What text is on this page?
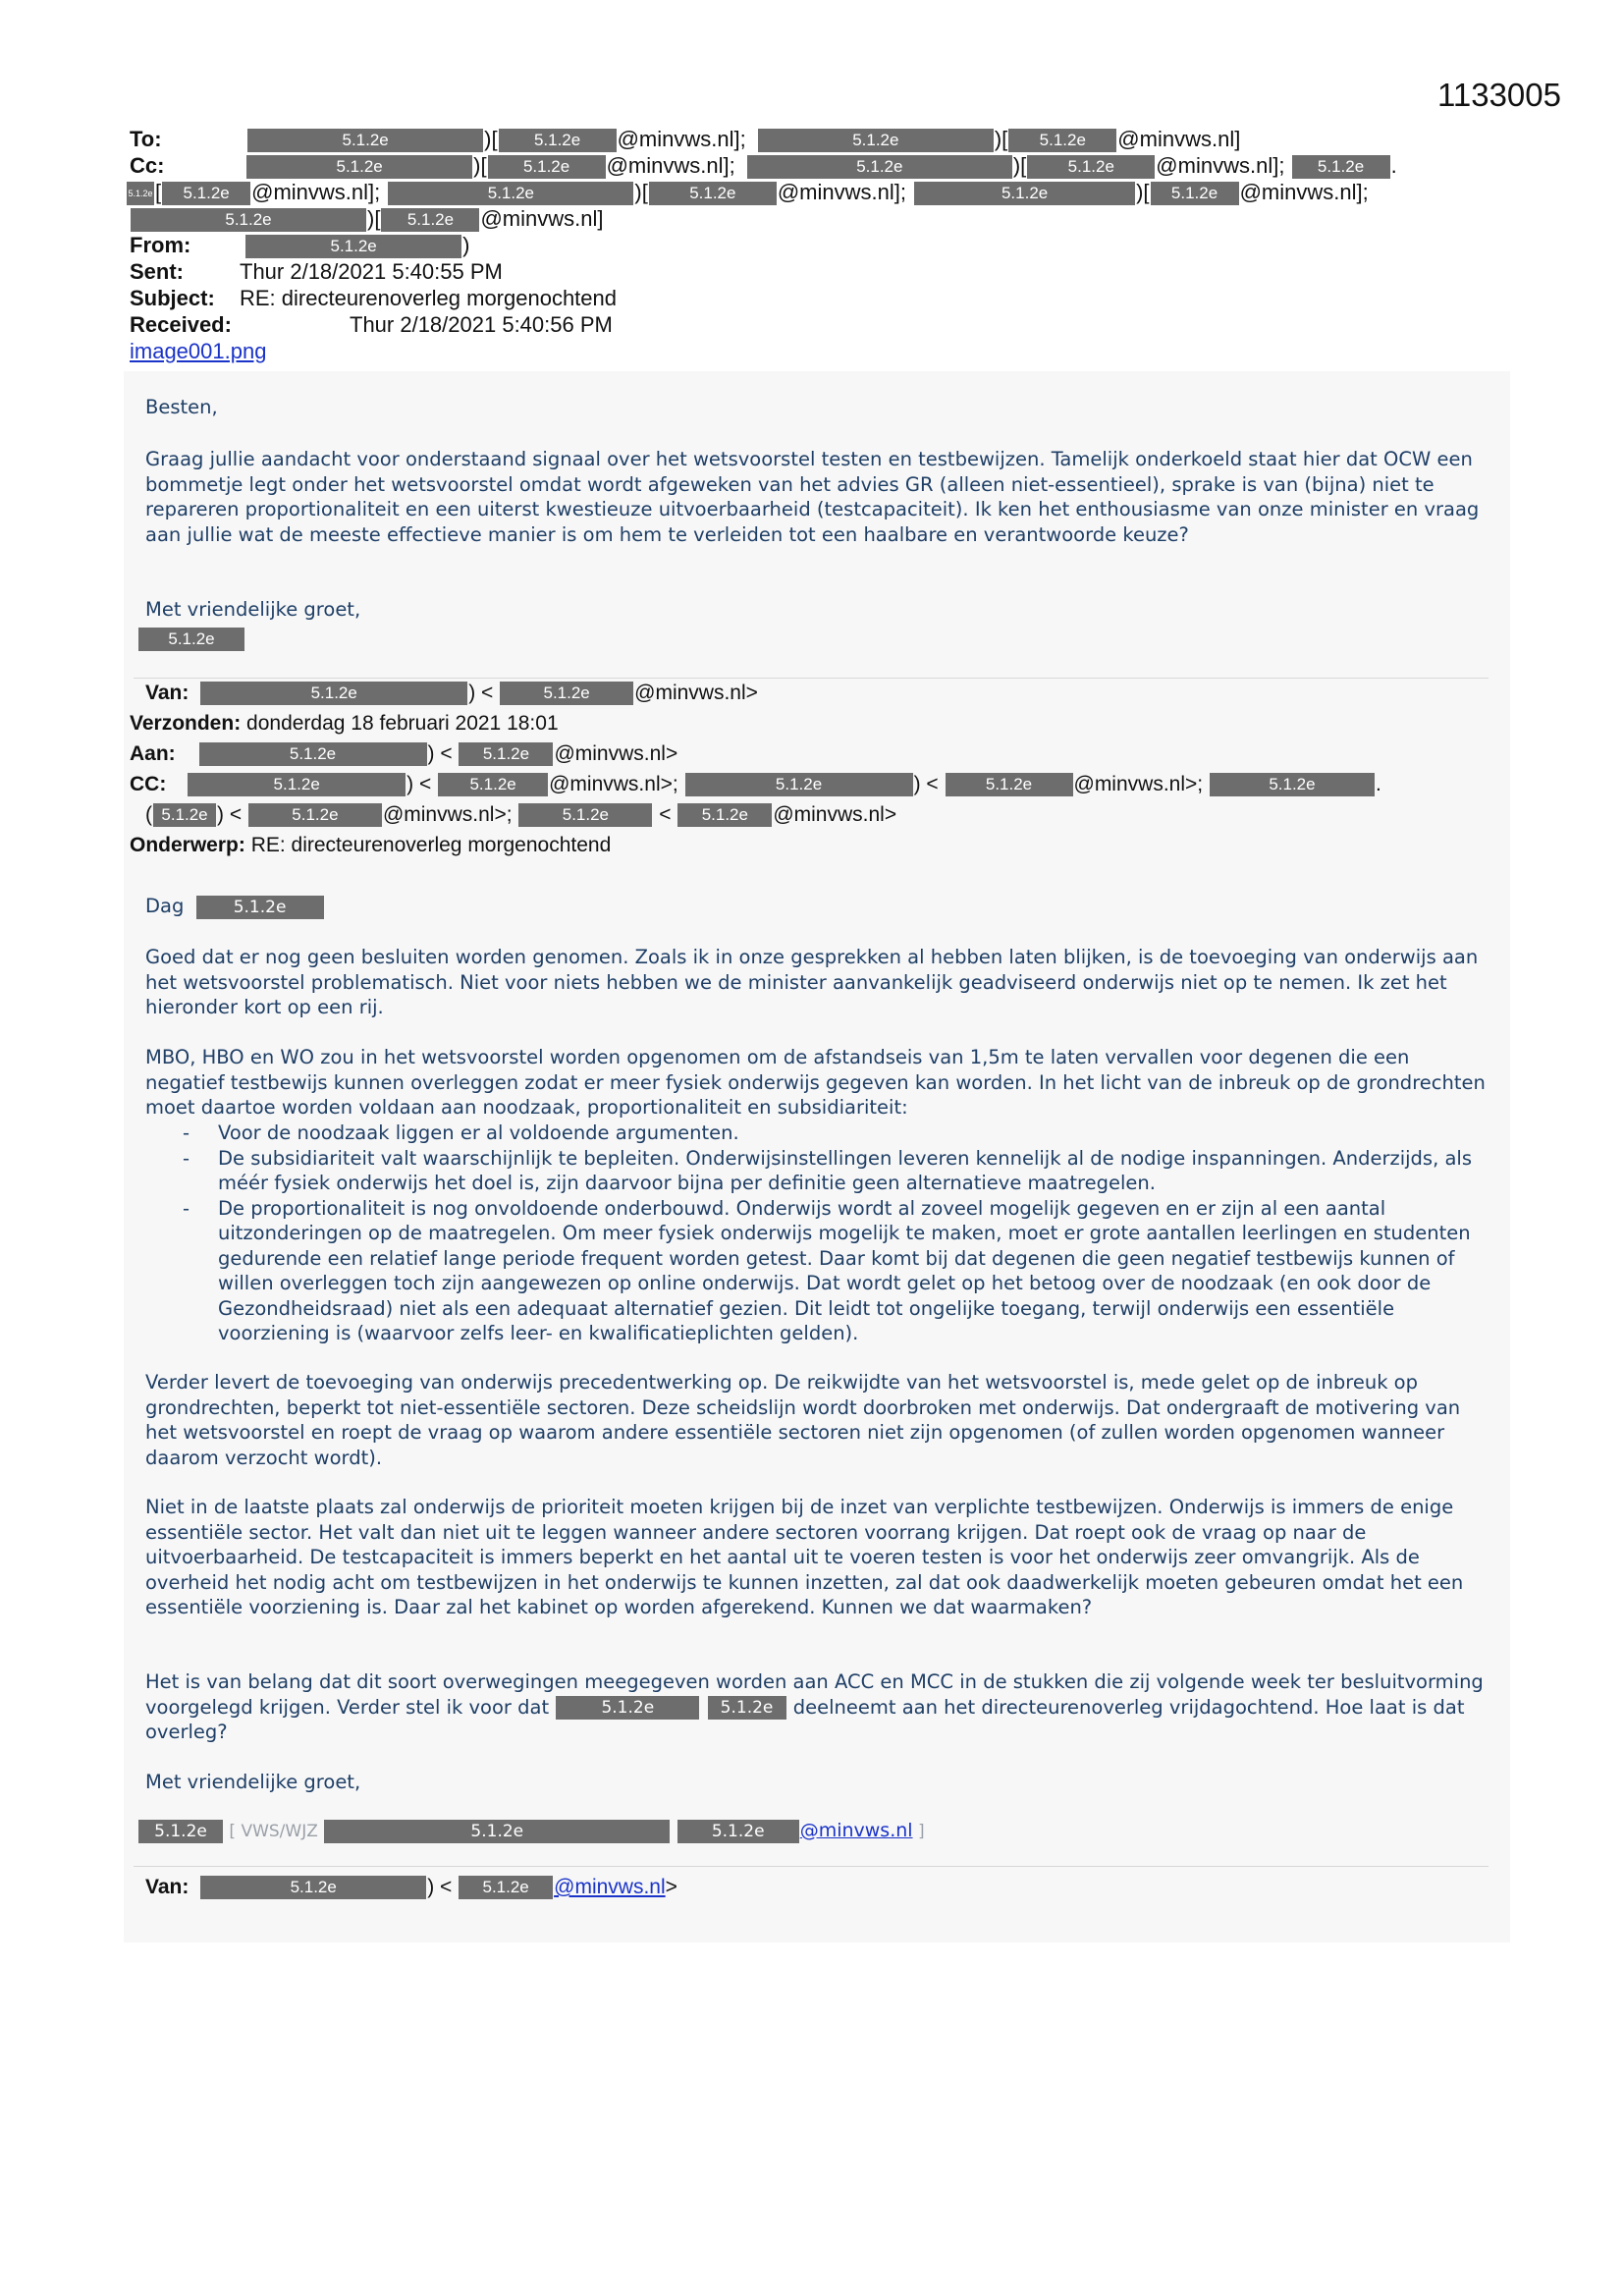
1133005
To:	5.1.2e	)[ 5.1.2e @minvws.nl];	5.1.2e	)[ 5.1.2e @minvws.nl]
Cc:	5.1.2e	)[ 5.1.2e @minvws.nl];	5.1.2e	)[ 5.1.2e @minvws.nl]; 5.1.2e .
5.1.2e [ 5.1.2e @minvws.nl];	5.1.2e	)[ 5.1.2e @minvws.nl];	5.1.2e	)[ 5.1.2e @minvws.nl];
5.1.2e	)[ 5.1.2e @minvws.nl]
From:	5.1.2e	)
Sent:	Thur 2/18/2021 5:40:55 PM
Subject: RE: directeurenoverleg morgenochtend
Received:	Thur 2/18/2021 5:40:56 PM
image001.png
Besten,
Graag jullie aandacht voor onderstaand signaal over het wetsvoorstel testen en testbewijzen. Tamelijk onderkoeld staat hier dat OCW een bommetje legt onder het wetsvoorstel omdat wordt afgeweken van het advies GR (alleen niet-essentieel), sprake is van (bijna) niet te repareren proportionaliteit en een uiterst kwestieuze uitvoerbaarheid (testcapaciteit). Ik ken het enthousiasme van onze minister en vraag aan jullie wat de meeste effectieve manier is om hem te verleiden tot een haalbare en verantwoorde keuze?
Met vriendelijke groet,
5.1.2e
Van:	5.1.2e	) <	5.1.2e @minvws.nl>
Verzonden: donderdag 18 februari 2021 18:01
Aan:	5.1.2e	) < 5.1.2e @minvws.nl>
CC:	5.1.2e	) < 5.1.2e @minvws.nl>;	5.1.2e	) < 5.1.2e @minvws.nl>;	5.1.2e	.
( 5.1.2e ) <	5.1.2e @minvws.nl>;	5.1.2e < 5.1.2e @minvws.nl>
Onderwerp: RE: directeurenoverleg morgenochtend
Dag	5.1.2e
Goed dat er nog geen besluiten worden genomen. Zoals ik in onze gesprekken al hebben laten blijken, is de toevoeging van onderwijs aan het wetsvoorstel problematisch. Niet voor niets hebben we de minister aanvankelijk geadviseerd onderwijs niet op te nemen. Ik zet het hieronder kort op een rij.
MBO, HBO en WO zou in het wetsvoorstel worden opgenomen om de afstandseis van 1,5m te laten vervallen voor degenen die een negatief testbewijs kunnen overleggen zodat er meer fysiek onderwijs gegeven kan worden. In het licht van de inbreuk op de grondrechten moet daartoe worden voldaan aan noodzaak, proportionaliteit en subsidiariteit:
- Voor de noodzaak liggen er al voldoende argumenten.
- De subsidiariteit valt waarschijnlijk te bepleiten. Onderwijsinstellingen leveren kennelijk al de nodige inspanningen. Anderzijds, als méér fysiek onderwijs het doel is, zijn daarvoor bijna per definitie geen alternatieve maatregelen.
- De proportionaliteit is nog onvoldoende onderbouwd. Onderwijs wordt al zoveel mogelijk gegeven en er zijn al een aantal uitzonderingen op de maatregelen. Om meer fysiek onderwijs mogelijk te maken, moet er grote aantallen leerlingen en studenten gedurende een relatief lange periode frequent worden getest. Daar komt bij dat degenen die geen negatief testbewijs kunnen of willen overleggen toch zijn aangewezen op online onderwijs. Dat wordt gelet op het betoog over de noodzaak (en ook door de Gezondheidsraad) niet als een adequaat alternatief gezien. Dit leidt tot ongelijke toegang, terwijl onderwijs een essentiële voorziening is (waarvoor zelfs leer- en kwalificatieplichten gelden).
Verder levert de toevoeging van onderwijs precedentwerking op. De reikwijdte van het wetsvoorstel is, mede gelet op de inbreuk op grondrechten, beperkt tot niet-essentiële sectoren. Deze scheidslijn wordt doorbroken met onderwijs. Dat ondergraaft de motivering van het wetsvoorstel en roept de vraag op waarom andere essentiële sectoren niet zijn opgenomen (of zullen worden opgenomen wanneer daarom verzocht wordt).
Niet in de laatste plaats zal onderwijs de prioriteit moeten krijgen bij de inzet van verplichte testbewijzen. Onderwijs is immers de enige essentiële sector. Het valt dan niet uit te leggen wanneer andere sectoren voorrang krijgen. Dat roept ook de vraag op naar de uitvoerbaarheid. De testcapaciteit is immers beperkt en het aantal uit te voeren testen is voor het onderwijs zeer omvangrijk. Als de overheid het nodig acht om testbewijzen in het onderwijs te kunnen inzetten, zal dat ook daadwerkelijk moeten gebeuren omdat het een essentiële voorziening is. Daar zal het kabinet op worden afgerekend. Kunnen we dat waarmaken?
Het is van belang dat dit soort overwegingen meegegeven worden aan ACC en MCC in de stukken die zij volgende week ter besluitvorming voorgelegd krijgen. Verder stel ik voor dat	5.1.2e	5.1.2e deelneemt aan het directeurenoverleg vrijdagochtend. Hoe laat is dat overleg?
Met vriendelijke groet,
5.1.2e [ VWS/WJZ	5.1.2e	5.1.2e @minvws.nl ]
Van:	5.1.2e	) < 5.1.2e @minvws.nl>
